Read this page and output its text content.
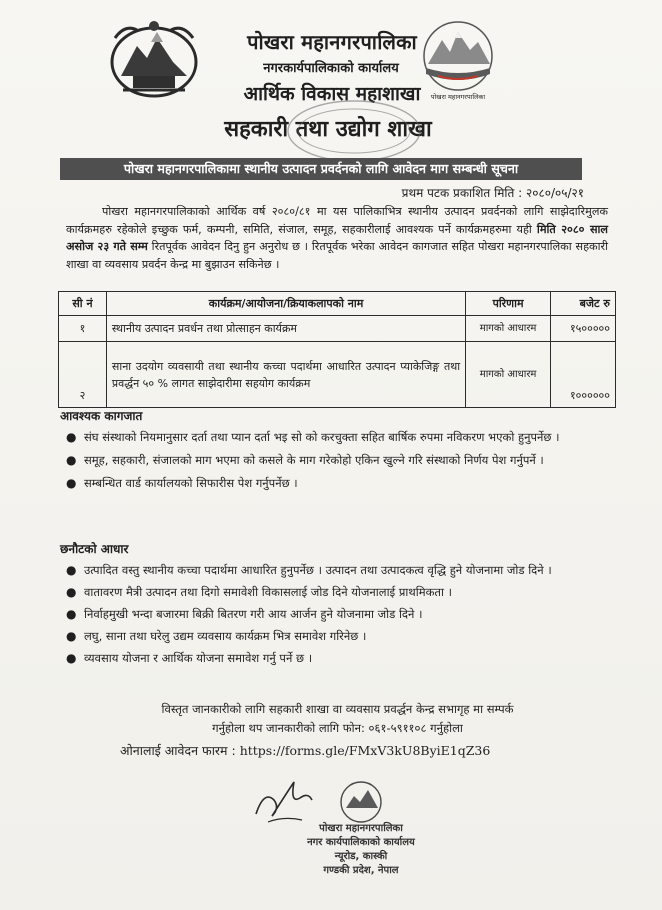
पोखरा महानगरपालिका
नगरकार्यपालिकाको कार्यालय
आर्थिक विकास महाशाखा
सहकारी तथा उद्योग शाखा
पोखरा महानगरपालिका
पोखरा महानगरपालिकामा स्थानीय उत्पादन प्रवर्दनको लागि आवेदन माग सम्बन्धी सूचना
प्रथम पटक प्रकाशित मिति : २०८०/०५/२१

पोखरा महानगरपालिकाको आर्थिक वर्ष २०८०/८१ मा यस पालिकाभित्र स्थानीय उत्पादन प्रवर्दनको लागि साझेदारिमुलक कार्यक्रमहरु रहेकोले इच्छुक फर्म, कम्पनी, समिति, संजाल, समूह, सहकारीलाई आवश्यक पर्ने कार्यक्रमहरुमा यही मिति २०८० साल असोज २३ गते सम्म रितपूर्वक आवेदन दिनु हुन अनुरोध छ । रितपूर्वक भरेका आवेदन कागजात सहित पोखरा महानगरपालिका सहकारी शाखा वा व्यवसाय प्रवर्दन केन्द्र मा बुझाउन सकिनेछ ।

सी नं	कार्यक्रम/आयोजना/क्रियाकलापको नाम	परिणाम	बजेट रु
१	स्थानीय उत्पादन प्रवर्धन तथा प्रोत्साहन कार्यक्रम	मागको आधारम	१५०००००
२	साना उदयोग व्यवसायी तथा स्थानीय कच्चा पदार्थमा आधारित उत्पादन प्याकेजिङ्ग तथा प्रवर्द्धन ५० % लागत साझेदारीमा सहयोग कार्यक्रम	मागको आधारम	१००००००
आवश्यक कागजात
● संघ संस्थाको नियमानुसार दर्ता तथा प्यान दर्ता भइ सो को करचुक्ता सहित बार्षिक रुपमा नविकरण भएको हुनुपर्नेछ ।
● समूह, सहकारी, संजालको माग भएमा को कसले के माग गरेकोहो एकिन खुल्ने गरि संस्थाको निर्णय पेश गर्नुपर्ने ।
● सम्बन्धित वार्ड कार्यालयको सिफारीस पेश गर्नुपर्नेछ ।
छनौटको आधार
● उत्पादित वस्तु स्थानीय कच्चा पदार्थमा आधारित हुनुपर्नेछ । उत्पादन तथा उत्पादकत्व वृद्धि हुने योजनामा जोड दिने ।
● वातावरण मैत्री उत्पादन तथा दिगो समावेशी विकासलाई जोड दिने योजनालाई प्राथमिकता ।
● निर्वाहमुखी भन्दा बजारमा बिक्री बितरण गरी आय आर्जन हुने योजनामा जोड दिने ।
● लघु, साना तथा घरेलु उद्यम व्यवसाय कार्यक्रम भित्र समावेश गरिनेछ ।
● व्यवसाय योजना र आर्थिक योजना समावेश गर्नु पर्ने छ ।
विस्तृत जानकारीको लागि सहकारी शाखा वा व्यवसाय प्रवर्द्धन केन्द्र सभागृह मा सम्पर्क
गर्नुहोला थप जानकारीको लागि फोन: ०६१-५९११०८ गर्नुहोला
ओनालाई आवेदन फारम : https://forms.gle/FMxV3kU8ByiE1qZ36
पोखरा महानगरपालिका
नगर कार्यपालिकाको कार्यालय
न्यूरोड, कास्की
गण्डकी प्रदेश, नेपाल
